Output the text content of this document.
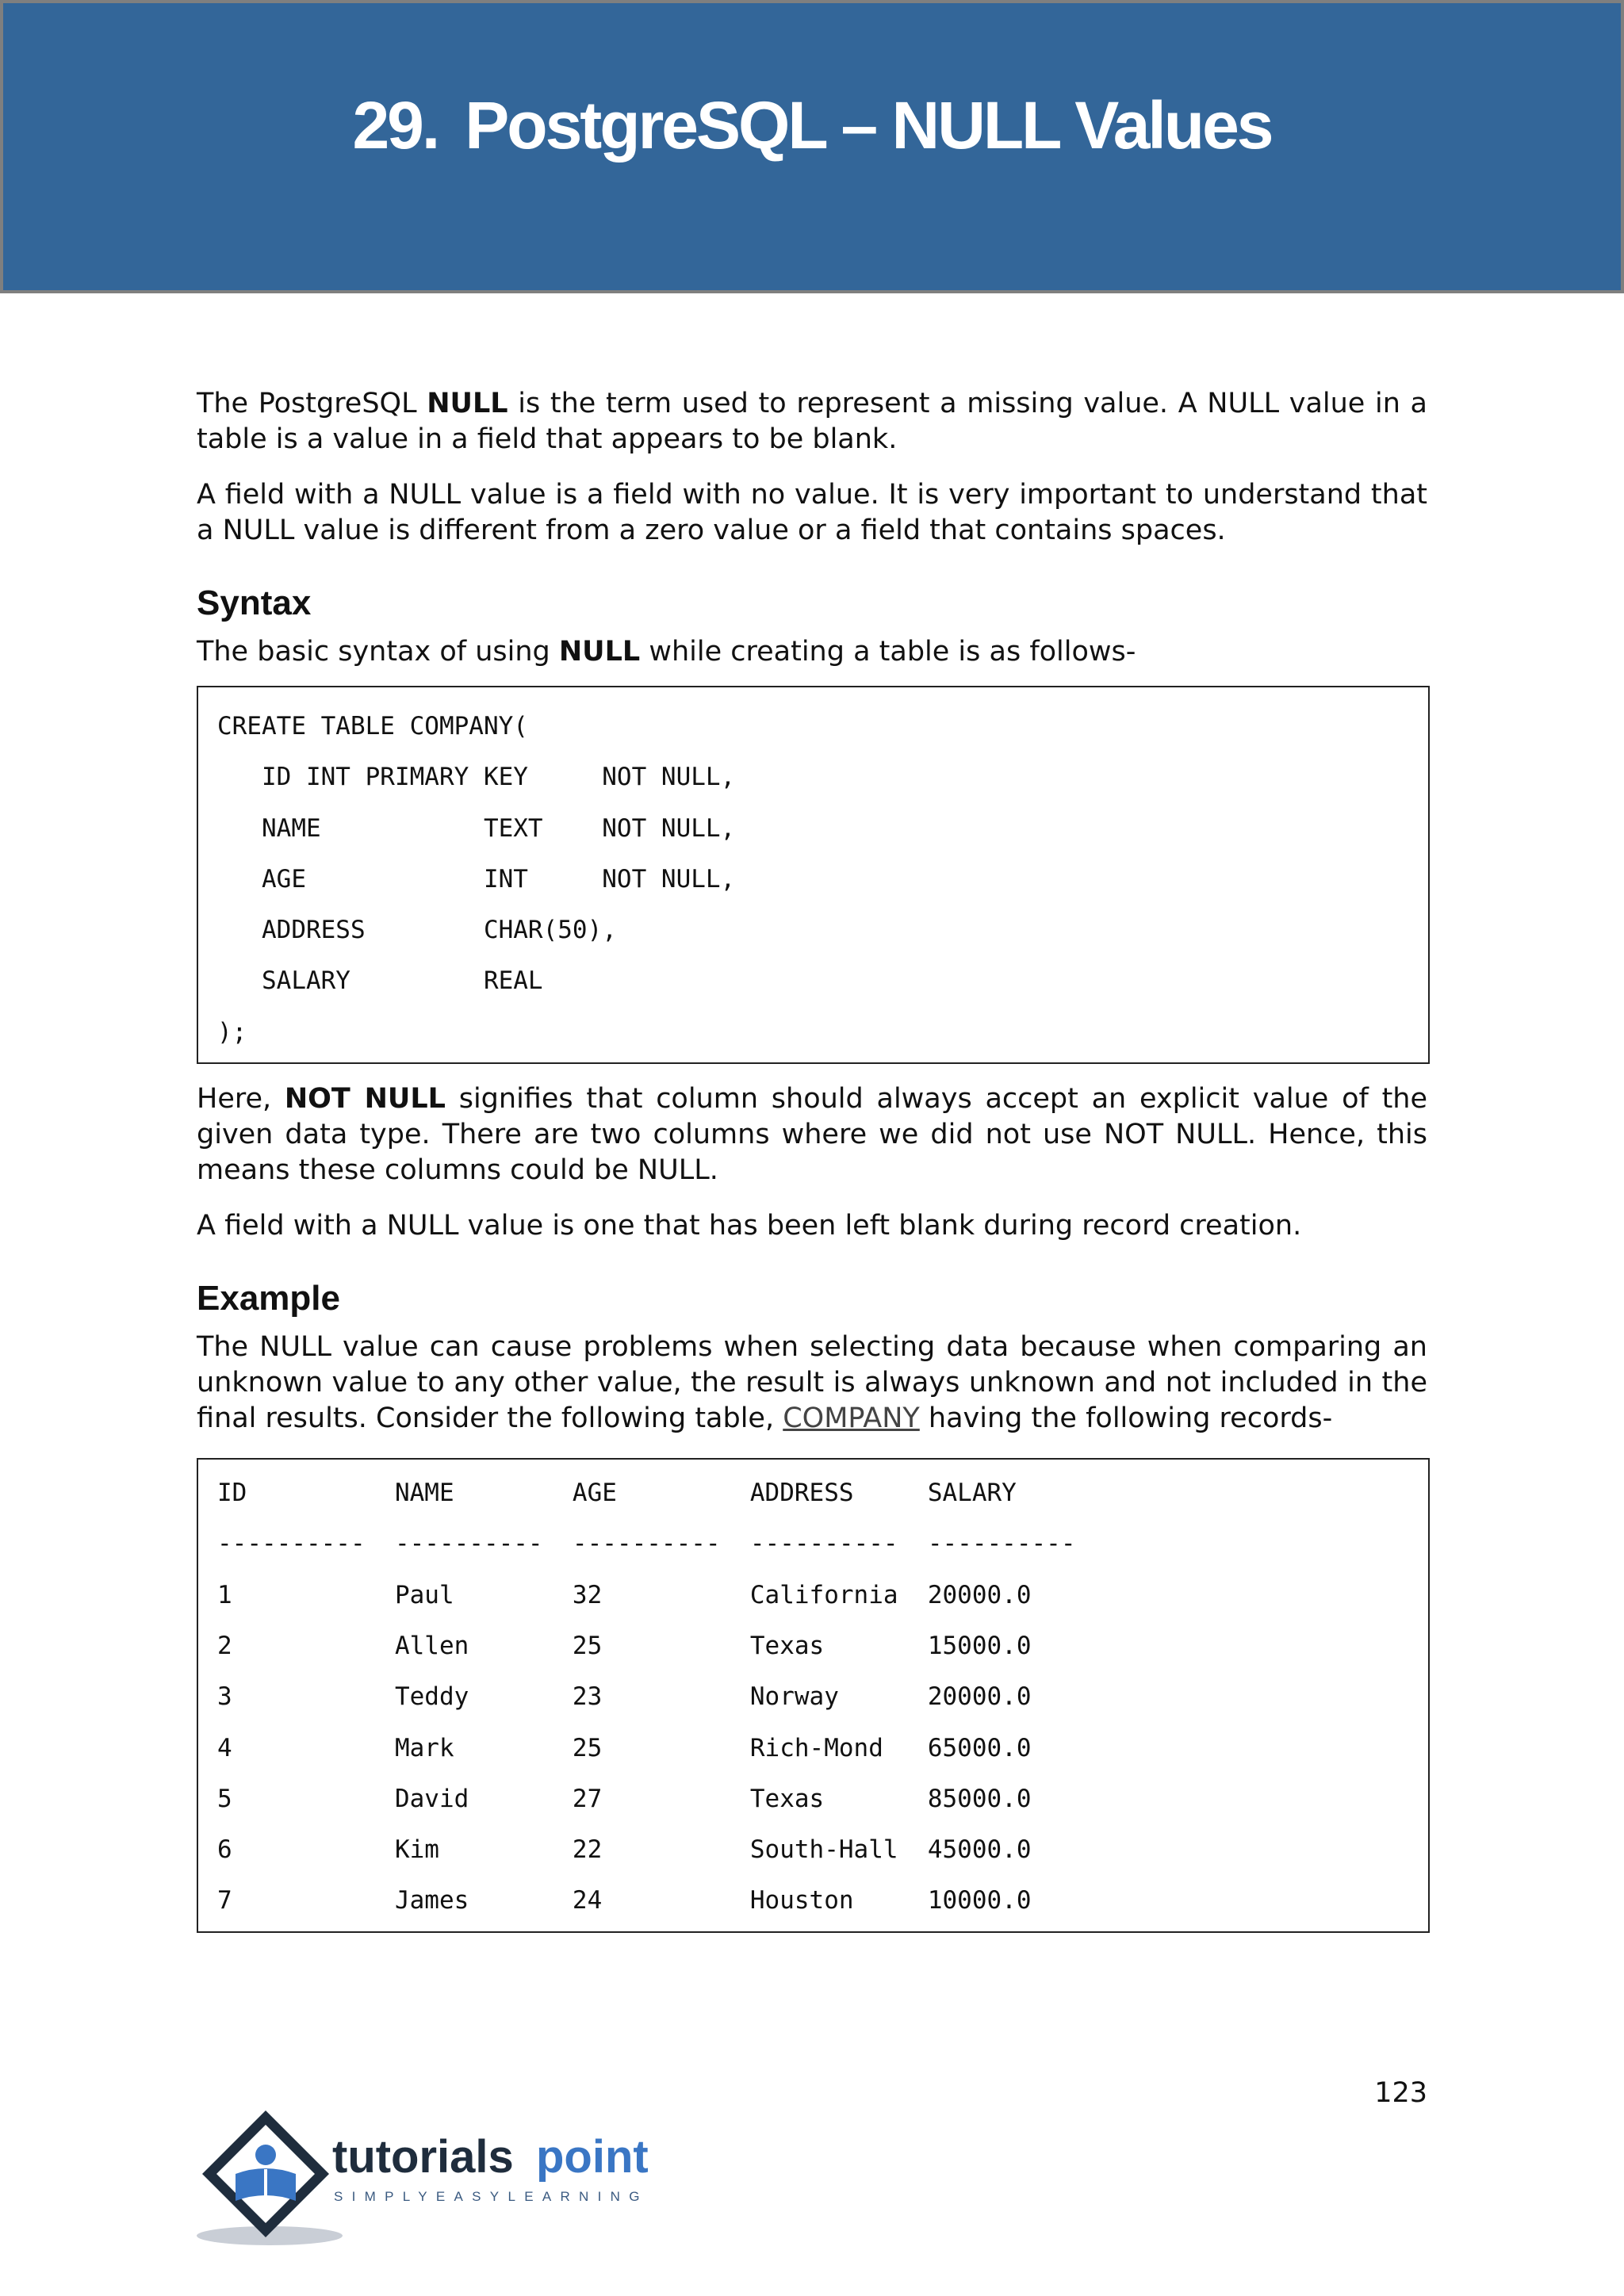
29. PostgreSQL – NULL Values

The PostgreSQL NULL is the term used to represent a missing value. A NULL value in a table is a value in a field that appears to be blank.

A field with a NULL value is a field with no value. It is very important to understand that a NULL value is different from a zero value or a field that contains spaces.

Syntax

The basic syntax of using NULL while creating a table is as follows-

CREATE TABLE COMPANY(
ID INT PRIMARY KEY     NOT NULL,
NAME           TEXT    NOT NULL,
AGE            INT     NOT NULL,
ADDRESS        CHAR(50),
SALARY         REAL
);

Here, NOT NULL signifies that column should always accept an explicit value of the given data type. There are two columns where we did not use NOT NULL. Hence, this means these columns could be NULL.

A field with a NULL value is one that has been left blank during record creation.

Example

The NULL value can cause problems when selecting data because when comparing an unknown value to any other value, the result is always unknown and not included in the final results. Consider the following table, COMPANY having the following records-

ID          NAME        AGE         ADDRESS     SALARY
----------  ----------  ----------  ----------  ----------
1           Paul        32          California  20000.0
2           Allen       25          Texas       15000.0
3           Teddy       23          Norway      20000.0
4           Mark        25          Rich-Mond   65000.0
5           David       27          Texas       85000.0
6           Kim         22          South-Hall  45000.0
7           James       24          Houston     10000.0
123
tutorials point
SIMPLYEASYLEARNING
